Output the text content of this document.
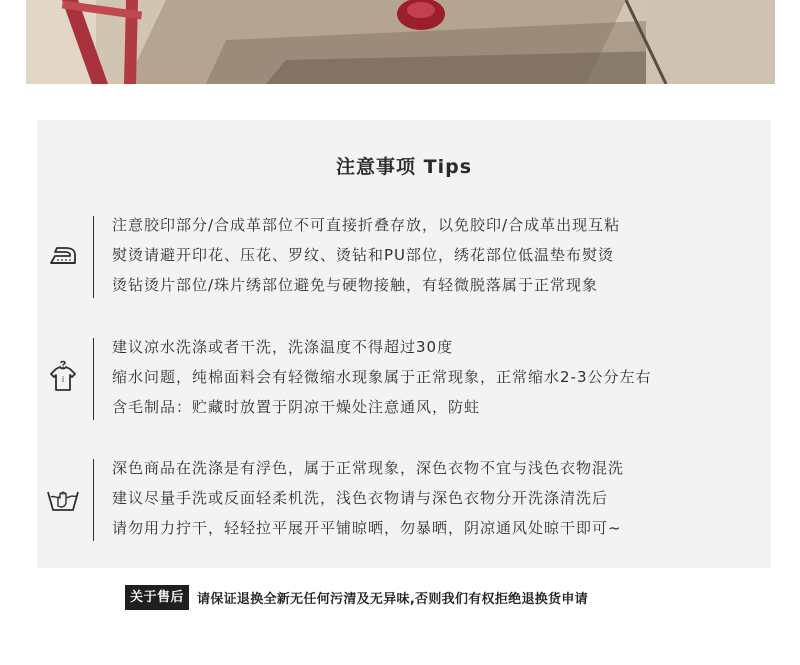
注意事项 Tips
注意胶印部分/合成革部位不可直接折叠存放，以免胶印/合成革出现互粘
熨烫请避开印花、压花、罗纹、烫钻和PU部位，绣花部位低温垫布熨烫
烫钻烫片部位/珠片绣部位避免与硬物接触，有轻微脱落属于正常现象
i
建议凉水洗涤或者干洗，洗涤温度不得超过30度
缩水问题，纯棉面料会有轻微缩水现象属于正常现象，正常缩水2-3公分左右
含毛制品：贮藏时放置于阴凉干燥处注意通风，防蛀
深色商品在洗涤是有浮色，属于正常现象，深色衣物不宜与浅色衣物混洗
建议尽量手洗或反面轻柔机洗，浅色衣物请与深色衣物分开洗涤清洗后
请勿用力拧干，轻轻拉平展开平铺晾晒，勿暴晒，阴凉通风处晾干即可~
关于售后	请保证退换全新无任何污清及无异味,否则我们有权拒绝退换货申请
